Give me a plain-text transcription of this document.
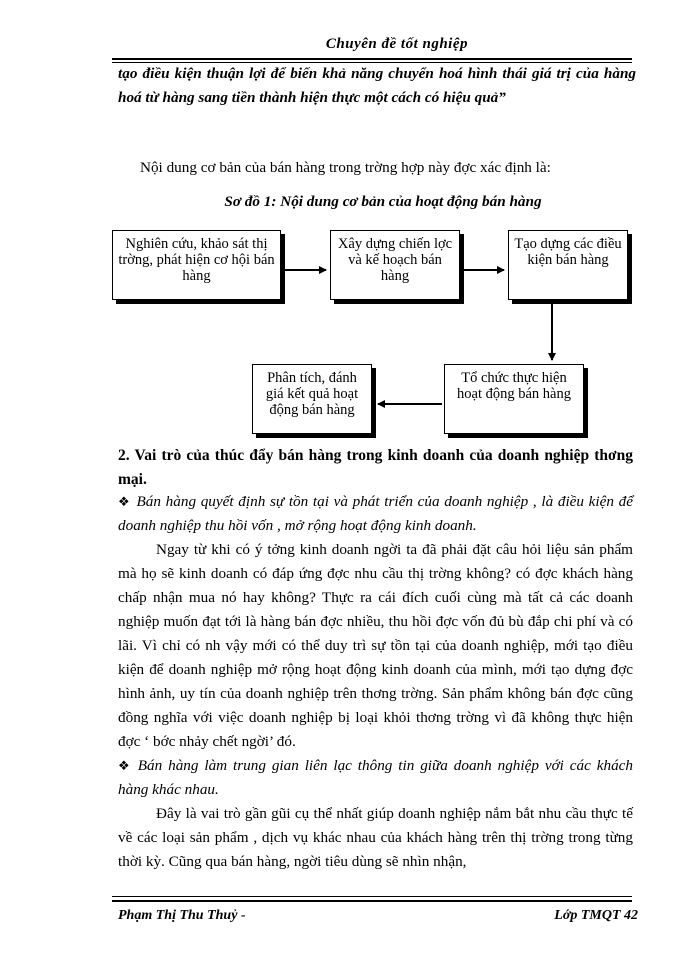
Chuyên đề tốt nghiệp
tạo điều kiện thuận lợi để biến khả năng chuyển hoá hình thái giá trị của hàng hoá từ hàng sang tiền thành hiện thực một cách có hiệu quả”
Nội dung cơ bản của bán hàng trong trờng hợp này đợc xác định là:
Sơ đồ 1: Nội dung cơ bản của hoạt động bán hàng
Nghiên cứu, khảo sát thị trờng, phát hiện cơ hội bán hàng
Xây dựng chiến lợc và kế hoạch bán hàng
Tạo dựng các điều kiện bán hàng
Tổ chức thực hiện hoạt động bán hàng
Phân tích, đánh giá kết quả hoạt động bán hàng
2. Vai trò của thúc đẩy bán hàng trong kinh doanh của doanh nghiệp thơng mại.
❖ Bán hàng quyết định sự tồn tại và phát triển của doanh nghiệp , là điều kiện để doanh nghiệp thu hồi vốn , mở rộng hoạt động kinh doanh.
Ngay từ khi có ý tởng kinh doanh ngời ta đã phải đặt câu hỏi liệu sản phẩm mà họ sẽ kinh doanh có đáp ứng đợc nhu cầu thị trờng không? có đợc khách hàng chấp nhận mua nó hay không? Thực ra cái đích cuối cùng mà tất cả các doanh nghiệp muốn đạt tới là hàng bán đợc nhiều, thu hồi đợc vốn đủ bù đắp chi phí và có lãi. Vì chỉ có nh vậy mới có thể duy trì sự tồn tại của doanh nghiệp, mới tạo điều kiện để doanh nghiệp mở rộng hoạt động kinh doanh của mình, mới tạo dựng đợc hình ảnh, uy tín của doanh nghiệp trên thơng trờng. Sản phẩm không bán đợc cũng đồng nghĩa với việc doanh nghiệp bị loại khỏi thơng trờng vì đã không thực hiện đợc ‘ bớc nhảy chết ngời’ đó.
❖ Bán hàng làm trung gian liên lạc thông tin giữa doanh nghiệp với các khách hàng khác nhau.
Đây là vai trò gần gũi cụ thể nhất giúp doanh nghiệp nắm bắt nhu cầu thực tế về các loại sản phẩm , dịch vụ khác nhau của khách hàng trên thị trờng trong từng thời kỳ. Cũng qua bán hàng, ngời tiêu dùng sẽ nhìn nhận,
Phạm Thị Thu Thuỷ -	Lớp TMQT 42
